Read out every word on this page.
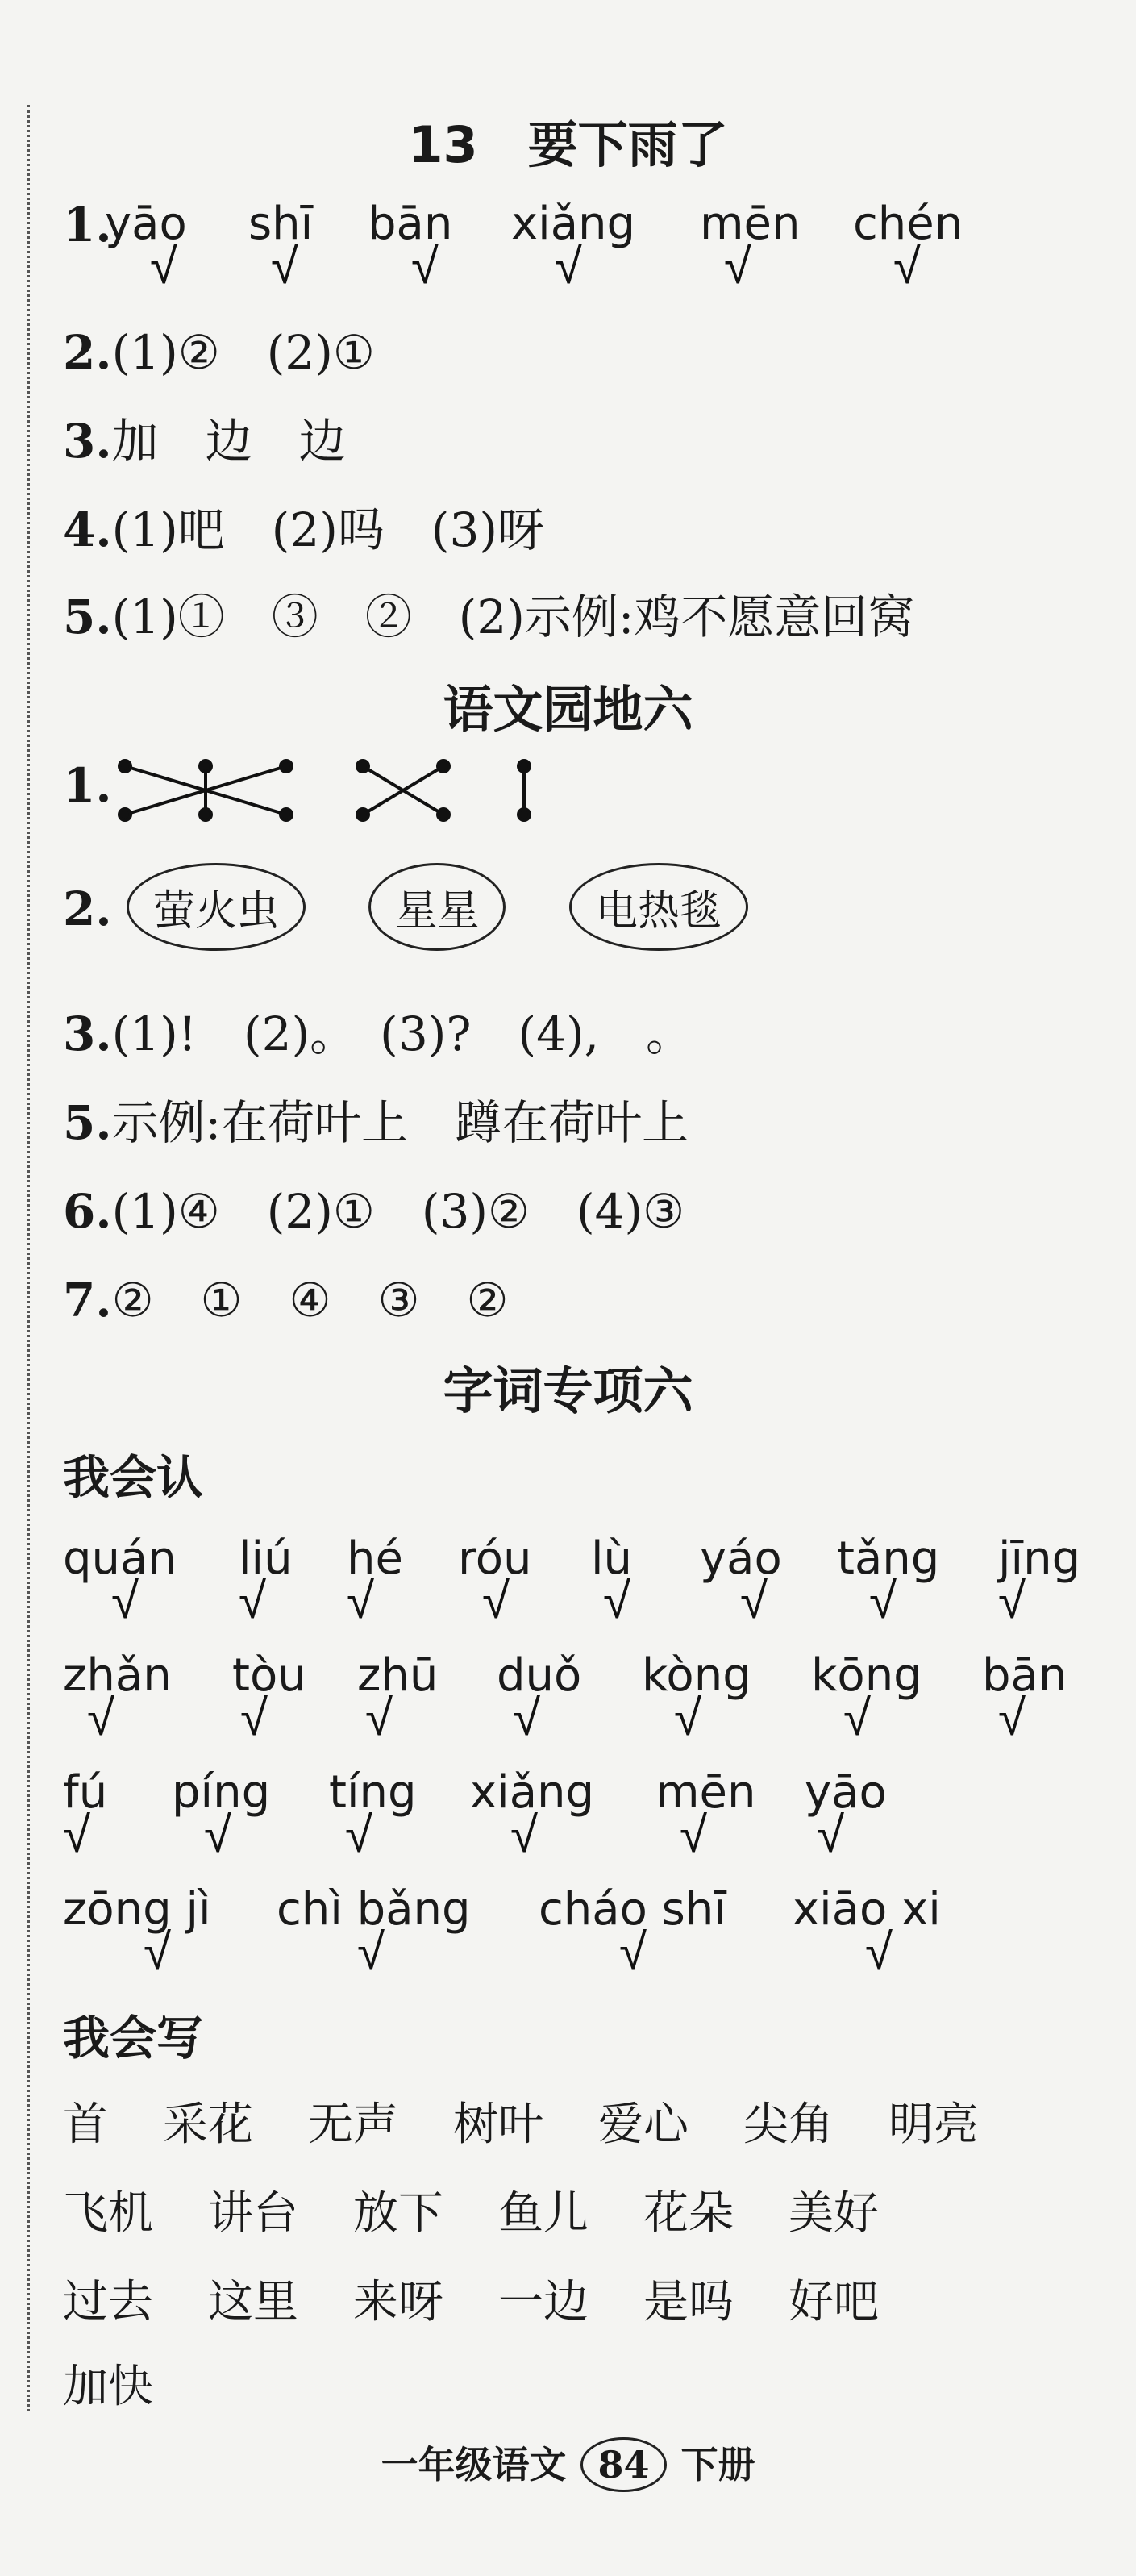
13　要下雨了
1.
yāo
√
shī
√
bān
√
xiǎng
√
mēn
√
chén
√
2.(1)②　(2)①
3.加　边　边
4.(1)吧　(2)吗　(3)呀
5.(1)①　③　②　(2)示例:鸡不愿意回窝
语文园地六
1.
2. 萤火虫	星星	电热毯
3.(1)!　(2)。　(3)?　(4),　。
5.示例:在荷叶上　蹲在荷叶上
6.(1)④　(2)①　(3)②　(4)③
7.②　①　④　③　②
字词专项六
我会认
quán
√
liú
√
hé
√
róu
√
lù
√
yáo
√
tǎng
√
jīng
√
zhǎn
√
tòu
√
zhū
√
duǒ
√
kòng
√
kōng
√
bān
√
fú
√
píng
√
tíng
√
xiǎng
√
mēn
√
yāo
√
zōng jì
√
chì bǎng
√
cháo shī
√
xiāo xi
√
我会写
首 采花 无声 树叶 爱心 尖角 明亮
飞机 讲台 放下 鱼儿 花朵 美好
过去 这里 来呀 一边 是吗 好吧
加快
一年级语文 84 下册
